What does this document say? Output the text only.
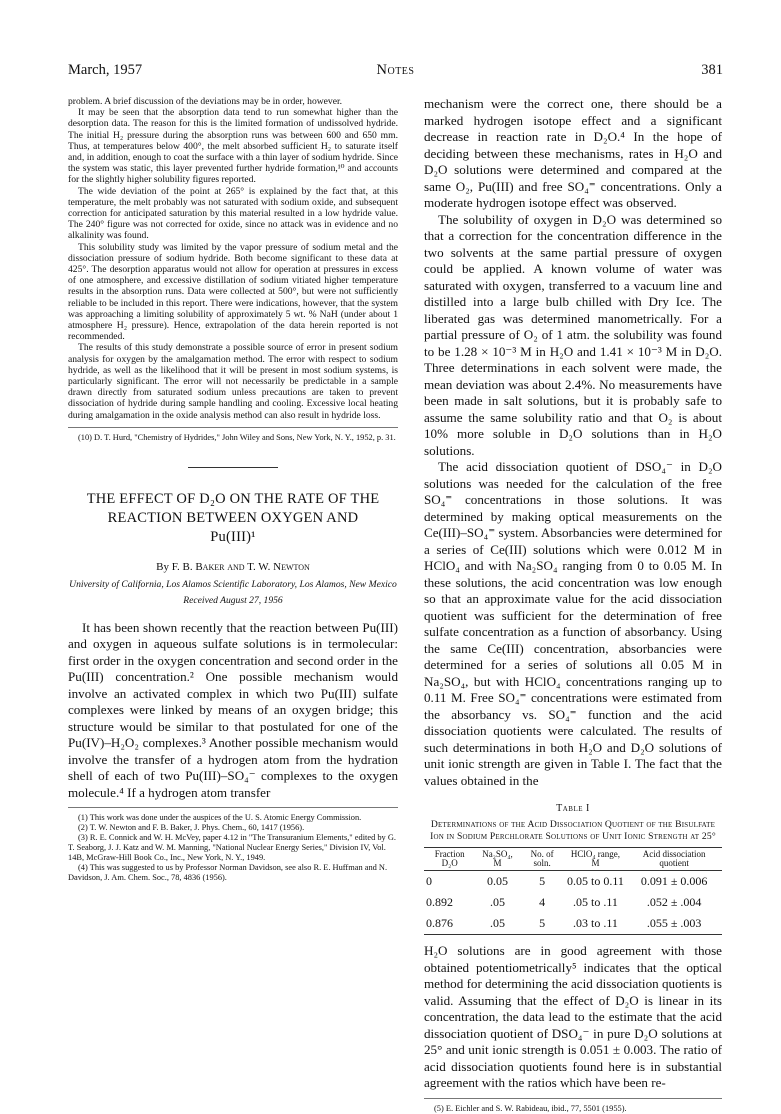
March, 1957	Notes	381

problem. A brief discussion of the deviations may be in order, however.

It may be seen that the absorption data tend to run somewhat higher than the desorption data. The reason for this is the limited formation of undissolved hydride. The initial H₂ pressure during the absorption runs was between 600 and 650 mm. Thus, at temperatures below 400°, the melt absorbed sufficient H₂ to saturate itself and, in addition, enough to coat the surface with a thin layer of sodium hydride. Since the system was static, this layer prevented further hydride formation,¹⁰ and accounts for the slightly higher solubility figures reported.

The wide deviation of the point at 265° is explained by the fact that, at this temperature, the melt probably was not saturated with sodium oxide, and subsequent correction for anticipated saturation by this material resulted in a low hydride value. The 240° figure was not corrected for oxide, since no attack was in evidence and no alkalinity was found.

This solubility study was limited by the vapor pressure of sodium metal and the dissociation pressure of sodium hydride. Both become significant to these data at 425°. The desorption apparatus would not allow for operation at pressures in excess of one atmosphere, and excessive distillation of sodium vitiated higher temperature results in the absorption runs. Data were collected at 500°, but were not sufficiently reliable to be included in this report. There were indications, however, that the system was approaching a limiting solubility of approximately 5 wt. % NaH (under about 1 atmosphere H₂ pressure). Hence, extrapolation of the data herein reported is not recommended.

The results of this study demonstrate a possible source of error in present sodium analysis for oxygen by the amalgamation method. The error with respect to sodium hydride, as well as the likelihood that it will be present in most sodium systems, is particularly significant. The error will not necessarily be predictable in a sample drawn directly from saturated sodium unless precautions are taken to prevent dissociation of hydride during sample handling and cooling. Excessive local heating during amalgamation in the oxide analysis method can also result in hydride loss.

(10) D. T. Hurd, "Chemistry of Hydrides," John Wiley and Sons, New York, N. Y., 1952, p. 31.

THE EFFECT OF D₂O ON THE RATE OF THE
REACTION BETWEEN OXYGEN AND
Pu(III)¹
By F. B. Baker and T. W. Newton
University of California, Los Alamos Scientific Laboratory, Los Alamos, New Mexico
Received August 27, 1956

It has been shown recently that the reaction between Pu(III) and oxygen in aqueous sulfate solutions is in termolecular: first order in the oxygen concentration and second order in the Pu(III) concentration.² One possible mechanism would involve an activated complex in which two Pu(III) sulfate complexes were linked by means of an oxygen bridge; this structure would be similar to that postulated for one of the Pu(IV)–H₂O₂ complexes.³ Another possible mechanism would involve the transfer of a hydrogen atom from the hydration shell of each of two Pu(III)–SO₄⁻ complexes to the oxygen molecule.⁴ If a hydrogen atom transfer

(1) This work was done under the auspices of the U. S. Atomic Energy Commission.

(2) T. W. Newton and F. B. Baker, J. Phys. Chem., 60, 1417 (1956).

(3) R. E. Connick and W. H. McVey, paper 4.12 in "The Transuranium Elements," edited by G. T. Seaborg, J. J. Katz and W. M. Manning, "National Nuclear Energy Series," Division IV, Vol. 14B, McGraw-Hill Book Co., Inc., New York, N. Y., 1949.

(4) This was suggested to us by Professor Norman Davidson, see also R. E. Huffman and N. Davidson, J. Am. Chem. Soc., 78, 4836 (1956).

mechanism were the correct one, there should be a marked hydrogen isotope effect and a significant decrease in reaction rate in D₂O.⁴ In the hope of deciding between these mechanisms, rates in H₂O and D₂O solutions were determined and compared at the same O₂, Pu(III) and free SO₄⁼ concentrations. Only a moderate hydrogen isotope effect was observed.

The solubility of oxygen in D₂O was determined so that a correction for the concentration difference in the two solvents at the same partial pressure of oxygen could be applied. A known volume of water was saturated with oxygen, transferred to a vacuum line and distilled into a large bulb chilled with Dry Ice. The liberated gas was determined manometrically. For a partial pressure of O₂ of 1 atm. the solubility was found to be 1.28 × 10⁻³ M in H₂O and 1.41 × 10⁻³ M in D₂O. Three determinations in each solvent were made, the mean deviation was about 2.4%. No measurements have been made in salt solutions, but it is probably safe to assume the same solubility ratio and that O₂ is about 10% more soluble in D₂O solutions than in H₂O solutions.

The acid dissociation quotient of DSO₄⁻ in D₂O solutions was needed for the calculation of the free SO₄⁼ concentrations in those solutions. It was determined by making optical measurements on the Ce(III)–SO₄⁼ system. Absorbancies were determined for a series of Ce(III) solutions which were 0.012 M in HClO₄ and with Na₂SO₄ ranging from 0 to 0.05 M. In these solutions, the acid concentration was low enough so that an approximate value for the acid dissociation quotient was sufficient for the determination of free sulfate concentration as a function of absorbancy. Using the same Ce(III) concentration, absorbancies were determined for a series of solutions all 0.05 M in Na₂SO₄, but with HClO₄ concentrations ranging up to 0.11 M. Free SO₄⁼ concentrations were estimated from the absorbancy vs. SO₄⁼ function and the acid dissociation quotients were calculated. The results of such determinations in both H₂O and D₂O solutions of unit ionic strength are given in Table I. The fact that the values obtained in the

Table I
Determinations of the Acid Dissociation Quotient of the Bisulfate Ion in Sodium Perchlorate Solutions of Unit Ionic Strength at 25°
Fraction D₂O	Na₂SO₄, M	No. of soln.	HClO₄ range, M	Acid dissociation quotient
0	0.05	5	0.05 to 0.11	0.091 ± 0.006
0.892	.05	4	.05 to .11	.052 ± .004
0.876	.05	5	.03 to .11	.055 ± .003

H₂O solutions are in good agreement with those obtained potentiometrically⁵ indicates that the optical method for determining the acid dissociation quotients is valid. Assuming that the effect of D₂O is linear in its concentration, the data lead to the estimate that the acid dissociation quotient of DSO₄⁻ in pure D₂O solutions at 25° and unit ionic strength is 0.051 ± 0.003. The ratio of acid dissociation quotients found here is in substantial agreement with the ratios which have been re-

(5) E. Eichler and S. W. Rabideau, ibid., 77, 5501 (1955).
